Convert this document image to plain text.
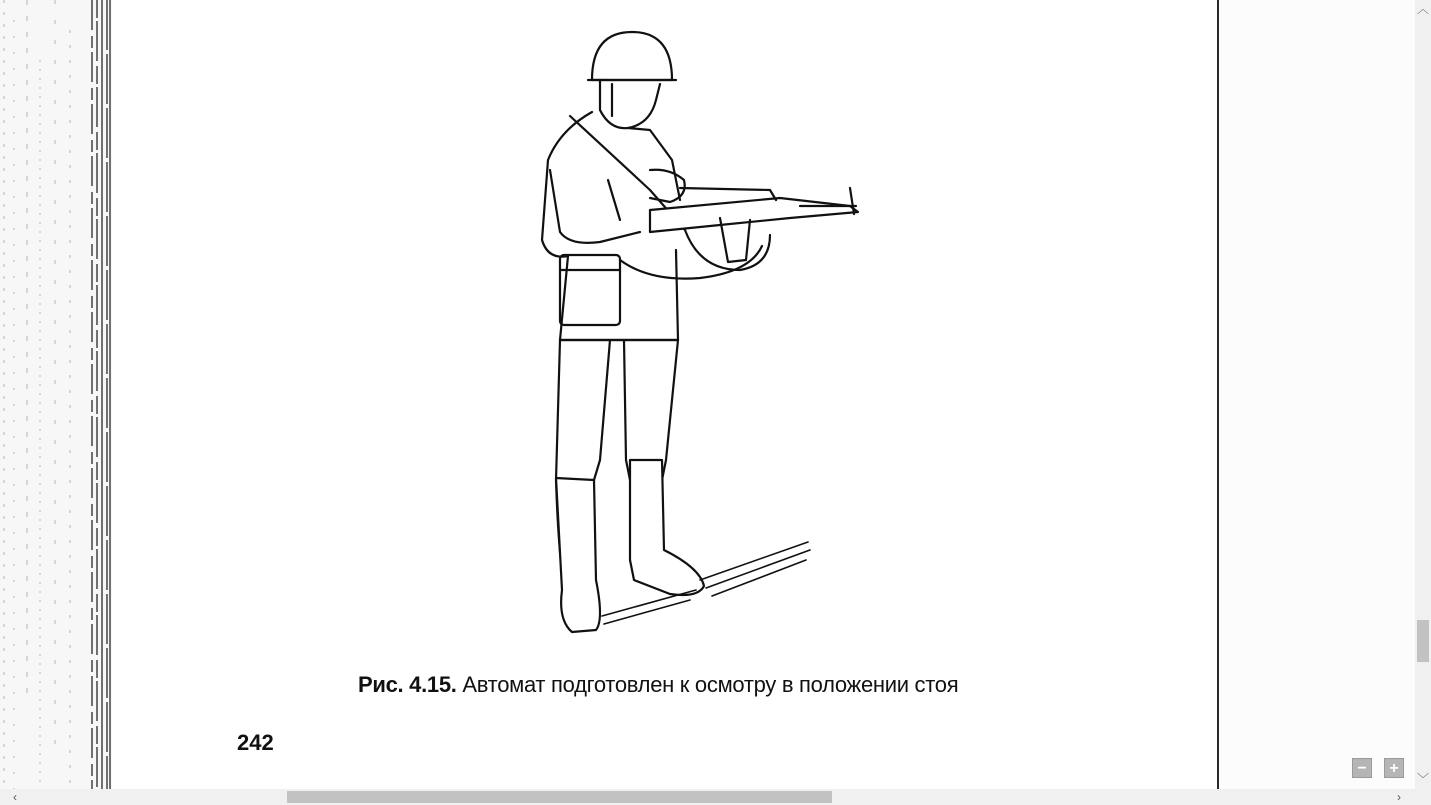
Рис. 4.15. Автомат подготовлен к осмотру в положении стоя
242
−	+
︿
﹀
‹	›
